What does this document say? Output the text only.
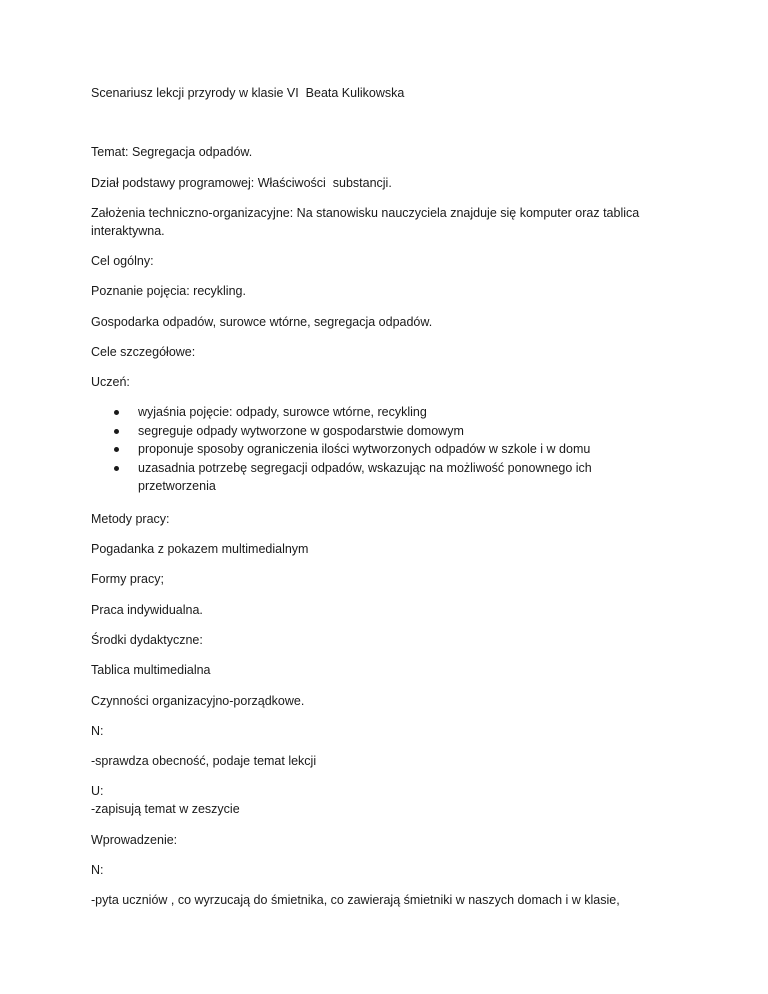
Scenariusz lekcji przyrody w klasie VI  Beata Kulikowska
Temat: Segregacja odpadów.
Dział podstawy programowej: Właściwości  substancji.
Założenia techniczno-organizacyjne: Na stanowisku nauczyciela znajduje się komputer oraz tablica
interaktywna.
Cel ogólny:
Poznanie pojęcia: recykling.
Gospodarka odpadów, surowce wtórne, segregacja odpadów.
Cele szczegółowe:
Uczeń:
wyjaśnia pojęcie: odpady, surowce wtórne, recykling
segreguje odpady wytworzone w gospodarstwie domowym
proponuje sposoby ograniczenia ilości wytworzonych odpadów w szkole i w domu
uzasadnia potrzebę segregacji odpadów, wskazując na możliwość ponownego ich
przetworzenia
Metody pracy:
Pogadanka z pokazem multimedialnym
Formy pracy;
Praca indywidualna.
Środki dydaktyczne:
Tablica multimedialna
Czynności organizacyjno-porządkowe.
N:
-sprawdza obecność, podaje temat lekcji
U:
-zapisują temat w zeszycie
Wprowadzenie:
N:
-pyta uczniów , co wyrzucają do śmietnika, co zawierają śmietniki w naszych domach i w klasie,
